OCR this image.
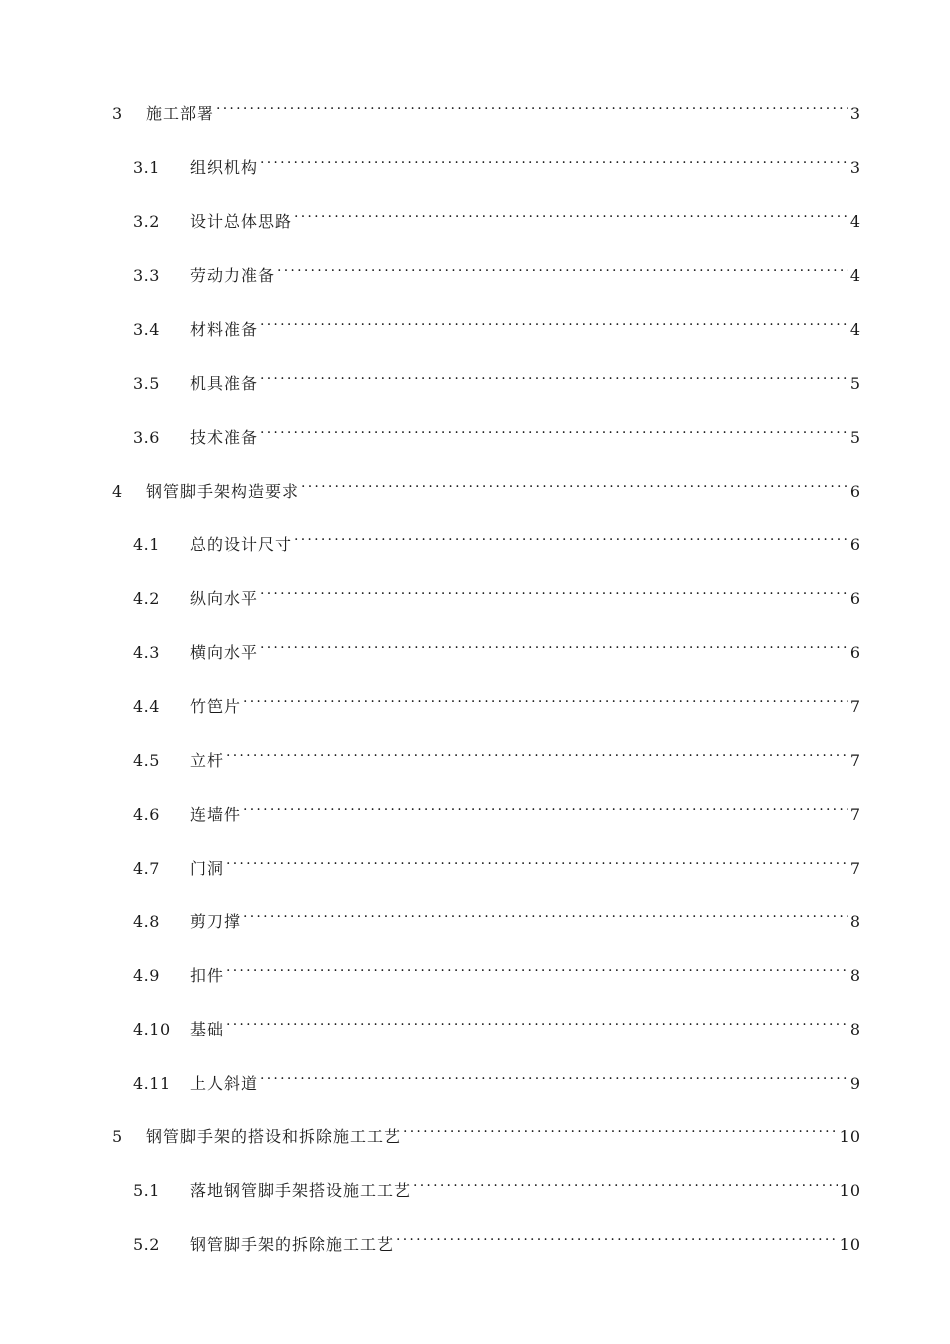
3	施工部署 . . .	3
3.1	组织机构 . . .	3
3.2	设计总体思路 . . .	4
3.3	劳动力准备 . . .	4
3.4	材料准备 . . .	4
3.5	机具准备 . . .	5
3.6	技术准备 . . .	5
4	钢管脚手架构造要求 . . .	6
4.1	总的设计尺寸 . . .	6
4.2	纵向水平 . . .	6
4.3	横向水平 . . .	6
4.4	竹笆片 . . .	7
4.5	立杆 . . .	7
4.6	连墙件 . . .	7
4.7	门洞 . . .	7
4.8	剪刀撑 . . .	8
4.9	扣件 . . .	8
4.10	基础 . . .	8
4.11	上人斜道 . . .	9
5	钢管脚手架的搭设和拆除施工工艺 . . .	10
5.1	落地钢管脚手架搭设施工工艺 . . .	10
5.2	钢管脚手架的拆除施工工艺 . . .	10
